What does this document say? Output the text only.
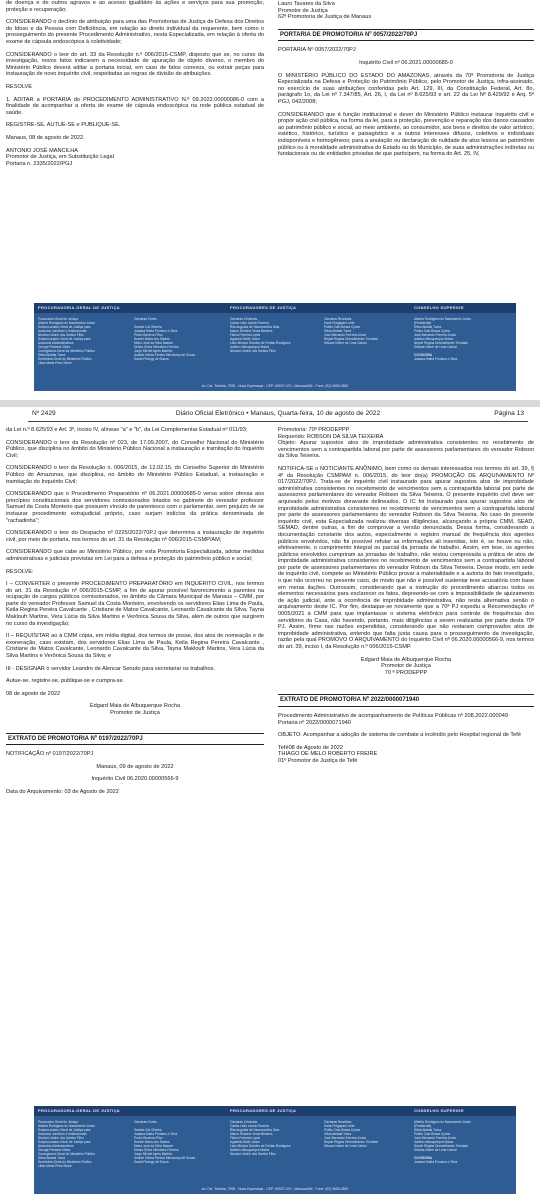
de doença e de outros agravos e ao acesso igualitário às ações e serviços para sua promoção, proteção e recuperação;

CONSIDERANDO o declínio de atribuição para uma das Promotorias de Justiça de Defesa dos Direitos do Idoso e da Pessoa com Deficiência, em relação ao direito individual da requerente, bem como o prosseguimento do presente Procedimento Administrativo, nesta Especializada, em relação à oferta do exame de cápsula endoscópica à coletividade;

CONSIDERANDO o teor do art. 33 da Resolução n.º 006/2015-CSMP, disposto que se, no curso da investigação, novos fatos indicarem a necessidade de apuração de objeto diverso, o membro do Ministério Público deverá aditar a portaria inicial, em caso de fatos conexos, ou extrair peças para instauração de novo inquérito civil, respeitadas as regras de divisão de atribuições.

RESOLVE

1. ADITAR a PORTARIA do PROCEDIMENTO ADMINISTRATIVO N.º 09.2022.00000086-0 com a finalidade de acompanhar a oferta de exame de cápsula endoscópica na rede pública estadual de saúde.

REGISTRE-SE, AUTUE-SE e PUBLIQUE-SE.

Manaus, 08 de agosto de 2022.

ANTONIO JOSÉ MANCILHA
Promotor de Justiça, em Substituição Legal
Portaria n. 2335/2022/PGJ
Lauro Tavares da Silva
Promotor de Justiça
62ª Promotoria de Justiça de Manaus
PORTARIA DE PROMOTORIA Nº 0057/2022/70PJ

PORTARIA Nº 0057/2022/70PJ

Inquérito Civil nº 06.2021.00000685-0

O MINISTÉRIO PÚBLICO DO ESTADO DO AMAZONAS, através da 70ª Promotoria de Justiça Especializada na Defesa e Proteção do Patrimônio Público, pelo Promotor de Justiça, infra-assinado, no exercício de suas atribuições conferidas pelo Art. 129, III, da Constituição Federal, Art. 8o, parágrafo 1o, da Lei nº 7.347/85, Art. 26, I, da Lei nº 8.625/93 e art. 22 da Lei Nº 8.429/92 e Arq. 5º PGJ, 042/2008;

CONSIDERANDO que é função institucional e dever do Ministério Público instaurar inquérito civil e propor ação civil pública, na forma da lei, para a proteção, prevenção e reparação dos danos causados ao patrimônio público e social, ao meio ambiente, ao consumidor, aos bens e direitos de valor artístico, estético, histórico, turístico e paisagístico e a outros interesses difusos, coletivos e individuais indisponíveis e homogêneos; para a anulação ou declaração de nulidade de atos lesivos ao patrimônio público ou à moralidade administrativa do Estado ou do Município, de suas administrações indiretas ou fundacionais ou de entidades privadas de que participem, na forma do Art. 25, IV,

PROCURADORIA-GERAL DE JUSTIÇA	PROCURADORES DE JUSTIÇA	CONSELHO SUPERIOR
Procurador-Geral de Justiça
Alberto Rodrigues do Nascimento Júnior
Subprocurador-Geral de Justiça para
Assuntos Jurídicos e Institucionais
Nicolau Libório dos Santos Filho
Subprocurador-Geral de Justiça para
Assuntos Administrativos
George Pestana Vieira
Corregedora-Geral do Ministério Público
Silvia Abdala Tuma
Secretária-Geral do Ministério Público
Lilian Maria Pires Stone
Câmaras Cíveis

Sandra Cal Oliveira
Jussara Maria Pordeus e Silva
Pedro Bezerra Filho
Suzete Maria dos Santos
Maria José da Silva Nazaré
Delisa Olívia Vieiralves Ferreira
Jorge Michel Ayres Martins
Anabel Vitória Pereira Mendonça de Souza
Sarah Pirangy de Souza
Câmaras Criminais
Carlos Lélio Lauria Ferreira
Rita Augusta de Vasconcellos Dias
Mauro Roberto Veras Bezerra
Flávio Ferreira Lopes
Aguinelo Balbi Júnior
Liani Mônica Guedes de Freitas Rodrigues
Adelton Albuquerque Matos
Nicolau Libório dos Santos Filho
Câmaras Reunidas
Karla Fregapani Leite
Públio Caio Bessa Cyrino
Silvia Abdala Tuma
José Bernardo Ferreira Júnior
Neyde Regina Demósthenes Trindade
Silvana Nobre de Lima Cabral
Alberto Rodrigues do Nascimento Júnior
(Presidente)
Silvia Abdala Tuma
Públio Caio Bessa Cyrino
José Bernardo Ferreira Júnior
Adelton Albuquerque Matos
Neyde Regina Demósthenes Trindade
Silvana Nobre de Lima Cabral

OUVIDORIA
Jussara Maria Pordeus e Silva
Av. Cel. Teixeira, 7995 - Nova Esperança - CEP: 69037-473 - Manaus/AM - Fone: (92) 3655-0500
Nº 2429	Diário Oficial Eletrônico • Manaus, Quarta-feira, 10 de agosto de 2022	Página 13

da Lei n.º 8.625/93 e Art. 3º, inciso IV, alíneas "a" e "b", da Lei Complementar Estadual nº 011/93;

CONSIDERANDO o teor da Resolução nº 023, de 17.09.2007, do Conselho Nacional do Ministério Público, que disciplina no âmbito do Ministério Público Nacional a instauração e tramitação do Inquérito Civil;

CONSIDERANDO o teor da Resolução n. 006/2015, de 12.02.15, do Conselho Superior do Ministério Público do Amazonas, que disciplina, no âmbito do Ministério Público Estadual, a instauração e tramitação do Inquérito Civil;

CONSIDERANDO que o Procedimento Preparatório nº 06.2021.00000685-0 versa sobre ofensa aos princípios constitucionais dos servidores comissionados lotados no gabinete do vereador professor Samuel da Costa Monteiro que possuem vínculo de parentesco com o parlamentar, sem prejuízo de se instaurar procedimento extrajudicial próprio, caso surjam indícios da prática denominada de "rachadinha";

CONSIDERANDO o teor do Despacho nº 0225/2022/70PJ que determina a instauração de inquérito civil, por meio de portaria, nos termos do art. 31 da Resolução nº 006/2015-CSMP/AM;

CONSIDERANDO que cabe ao Ministério Público, por esta Promotoria Especializada, adotar medidas administrativas e judiciais previstas em Lei para a defesa e proteção do patrimônio público e social;

RESOLVE:

I – CONVERTER o presente PROCEDIMENTO PREPARATÓRIO em INQUÉRITO CIVIL, nos termos do art. 31 da Resolução nº 006/2015-CSMP, a fim de apurar possível favorecimento a parentes na ocupação de cargos públicos comissionados, no âmbito da Câmara Municipal de Manaus – CMM, por parte do vereador Professor Samuel da Costa Monteiro, envolvendo os servidores Elias Lima de Paula, Keila Regina Pereira Cavalcante , Cristiane de Matos Cavalcante, Leonardo Cavalcante da Silva, Tayna Makloufr Martins, Vera Lúcia da Silva Martins e Verônica Sousa da Silva, além de outros que surgirem no curso da investigação;

II – REQUISITAR ao à CMM cópia, em mídia digital, dos termos de posse, dos atos de nomeação e de exoneração, caso existam, dos servidores Elias Lima de Paula, Keila Regina Pereira Cavalcante , Cristiane de Matos Cavalcante, Leonardo Cavalcante da Silva, Tayna Makloufr Martins, Vera Lúcia da Silva Martins e Verônica Sousa da Silva; e

III - DESIGNAR o servidor Leandro de Alencar Serudo para secretariar os trabalhos.

Autue-se, registre-se, publique-se e cumpra-se.

08 de agosto de 2022

Edgard Maia de Albuquerque Rocha
Promotor de Justiça
EXTRATO DE PROMOTORIA Nº 0197/2022/70PJ

NOTIFICAÇÃO nº 0197/2022/70PJ

Manaus, 09 de agosto de 2022

Inquérito Civil 06.2020.00000566-9

Data do Arquivamento: 03 de Agosto de 2022

Promotoria: 70ª PRODEPPP
Requerido: ROBSON DA SILVA TEIXEIRA

Objeto: Apurar supostos atos de improbidade administrativa consistentes no recebimento de vencimentos sem a contrapartida laboral por parte de assessores parlamentares do vereador Robson da Silva Teixeira.

NOTIFICA-SE o NOTICIANTE ANÔNIMO, bem como os demais interessados nos termos do art. 39, § 4º da Resolução CSMPAM n. 006/2015, do teor do(a) PROMOÇÃO DE ARQUIVAMENTO Nº 017/2022/70PJ. Trata-se de inquérito civil instaurado para apurar supostos atos de improbidade administrativa consistentes no recebimento de vencimentos sem a contrapartida laboral por parte de assessores parlamentares do vereador Robson da Silva Teixeira. O presente inquérito civil deve ser arquivado pelos motivos doravante delineados. O IC foi instaurado para apurar supostos atos de improbidade administrativa consistentes no recebimento de vencimentos sem a contrapartida laboral por parte de assessores parlamentares do vereador Robson da Silva Teixeira. No caso do presente inquérito civil, esta Especializada realizou diversas diligências, alcançando a própria CMM, SEAD, SEMAD, dentre outras, a fim de comprovar a versão denunciada. Dessa forma, considerando a documentação constante dos autos, especialmente o registro manual de frequência dos agentes públicos envolvidos, não foi possível refutar as informações ali inseridas, isto é, se houve ou não, efetivamente, o cumprimento integral ou parcial da jornada de trabalho. Assim, em tese, os agentes públicos envolvidos cumpriram as jornadas de trabalho, não restou comprovada a prática de atos de improbidade administrativa consistentes no recebimento de vencimentos sem a contrapartida laboral por parte de assessores parlamentares do vereador Robson da Silva Teixeira. Desse modo, em sede de inquérito civil, compete ao Ministério Público provar a materialidade e a autoria do fato investigado, o que não ocorreu no presente caso, de modo que não é possível sustentar tese acusatória com base em meras ilações. Outrossim, considerando que a instrução do procedimento abarcou todos os elementos necessários para esclarecer os fatos, depreendo-se com a impossibilidade de ajuizamento de ação judicial, ante a ocorrência de improbidade administrativa, não resta alternativa senão o arquivamento deste IC. Por fim, destaque-se novamente que a 70ª PJ expediu a Recomendação nº 0005/2021 à CMM para que implantasse o sistema eletrônico para controle de frequências dos servidores da Casa, não havendo, portanto, mais diligências a serem realizadas por parte desta 70ª PJ. Assim, firme nas razões expendidas, considerando que não restaram comprovados atos de improbidade administrativa, entendo que falta justa causa para o prosseguimento da investigação, razão pela qual PROMOVO O ARQUIVAMENTO do Inquérito Civil nº 06.2020.00000566-9, nos termos do art. 39, inciso I, da Resolução n.º 006/2015-CSMP.

Edgard Maia de Albuquerque Rocha
Promotor de Justiça
70 ª PRODEPPP
EXTRATO DE PROMOTORIA Nº 2022/0000071940
Procedimento Administrativo de acompanhamento de Políticas Públicas nº 208.2022.000049

Portaria nº 2022/0000071940

OBJETO: Acompanhar a adoção de sistema de combate a incêndio pelo Hospital regional de Tefé

Tefé08 de Agosto de 2022
THIAGO DE MELO ROBERTO FREIRE
01º Promotor de Justiça de Tefé
PROCURADORIA-GERAL DE JUSTIÇA	PROCURADORES DE JUSTIÇA	CONSELHO SUPERIOR
Procurador-Geral de Justiça
Alberto Rodrigues do Nascimento Júnior
Subprocurador-Geral de Justiça para
Assuntos Jurídicos e Institucionais
Nicolau Libório dos Santos Filho
Subprocurador-Geral de Justiça para
Assuntos Administrativos
George Pestana Vieira
Corregedora-Geral do Ministério Público
Silvia Abdala Tuma
Secretária-Geral do Ministério Público
Lilian Maria Pires Stone
Câmaras Cíveis

Sandra Cal Oliveira
Jussara Maria Pordeus e Silva
Pedro Bezerra Filho
Suzete Maria dos Santos
Maria José da Silva Nazaré
Delisa Olívia Vieiralves Ferreira
Jorge Michel Ayres Martins
Anabel Vitória Pereira Mendonça de Souza
Sarah Pirangy de Souza
Câmaras Criminais
Carlos Lélio Lauria Ferreira
Rita Augusta de Vasconcellos Dias
Mauro Roberto Veras Bezerra
Flávio Ferreira Lopes
Aguinelo Balbi Júnior
Liani Mônica Guedes de Freitas Rodrigues
Adelton Albuquerque Matos
Nicolau Libório dos Santos Filho
Câmaras Reunidas
Karla Fregapani Leite
Públio Caio Bessa Cyrino
Silvia Abdala Tuma
José Bernardo Ferreira Júnior
Neyde Regina Demósthenes Trindade
Silvana Nobre de Lima Cabral
Alberto Rodrigues do Nascimento Júnior
(Presidente)
Silvia Abdala Tuma
Públio Caio Bessa Cyrino
José Bernardo Ferreira Júnior
Adelton Albuquerque Matos
Neyde Regina Demósthenes Trindade
Silvana Nobre de Lima Cabral

OUVIDORIA
Jussara Maria Pordeus e Silva
Av. Cel. Teixeira, 7995 - Nova Esperança - CEP: 69037-473 - Manaus/AM - Fone: (92) 3655-0500
